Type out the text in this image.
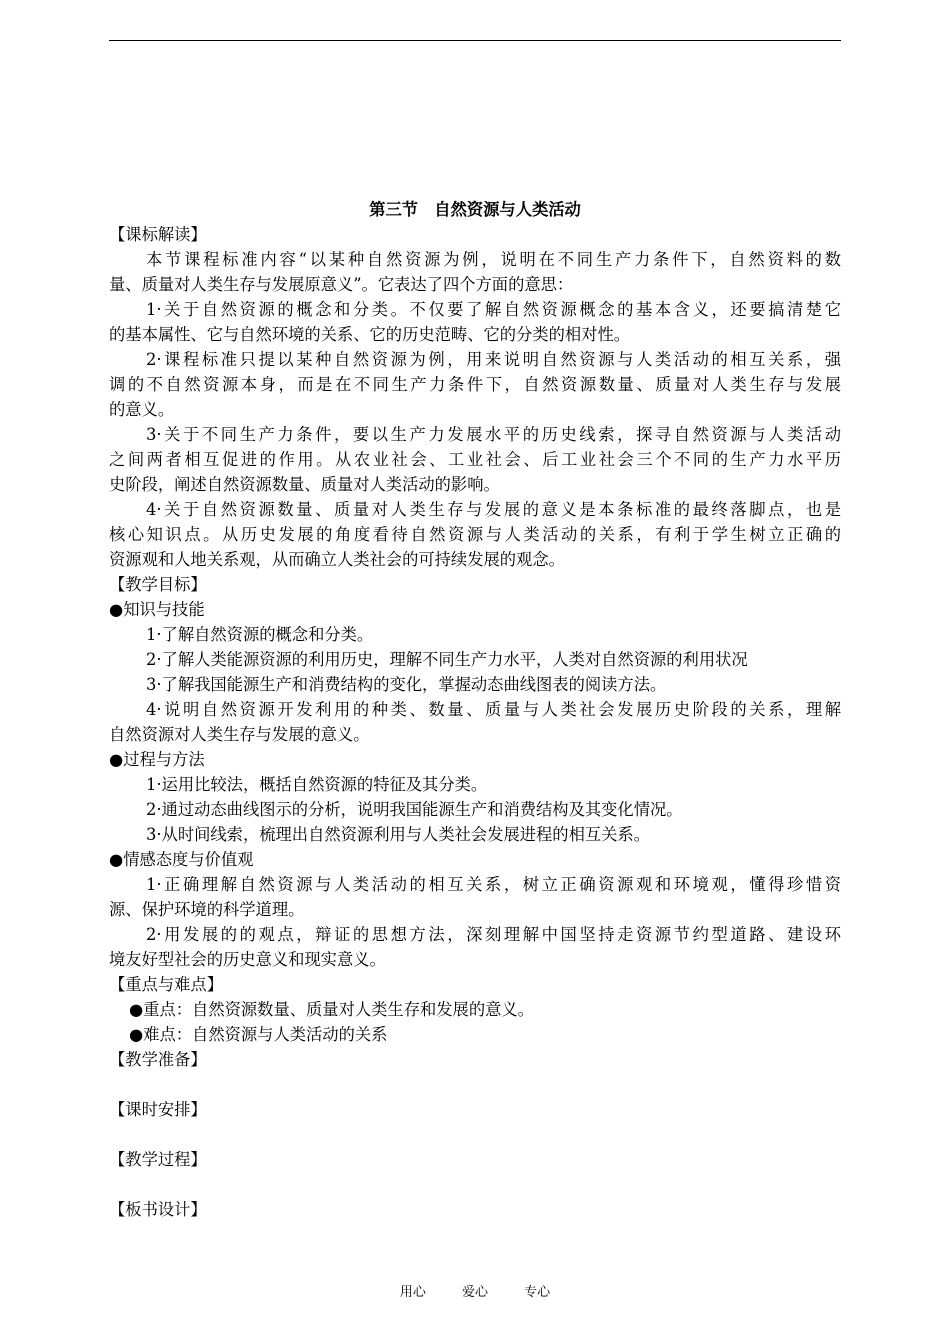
第三节　自然资源与人类活动
【课标解读】
本节课程标准内容“以某种自然资源为例，说明在不同生产力条件下，自然资料的数
量、质量对人类生存与发展原意义”。它表达了四个方面的意思：
1·关于自然资源的概念和分类。不仅要了解自然资源概念的基本含义，还要搞清楚它
的基本属性、它与自然环境的关系、它的历史范畴、它的分类的相对性。
2·课程标准只提以某种自然资源为例，用来说明自然资源与人类活动的相互关系，强
调的不自然资源本身，而是在不同生产力条件下，自然资源数量、质量对人类生存与发展
的意义。
3·关于不同生产力条件，要以生产力发展水平的历史线索，探寻自然资源与人类活动
之间两者相互促进的作用。从农业社会、工业社会、后工业社会三个不同的生产力水平历
史阶段，阐述自然资源数量、质量对人类活动的影响。
4·关于自然资源数量、质量对人类生存与发展的意义是本条标准的最终落脚点，也是
核心知识点。从历史发展的角度看待自然资源与人类活动的关系，有利于学生树立正确的
资源观和人地关系观，从而确立人类社会的可持续发展的观念。
【教学目标】
●知识与技能
1·了解自然资源的概念和分类。
2·了解人类能源资源的利用历史，理解不同生产力水平，人类对自然资源的利用状况
3·了解我国能源生产和消费结构的变化，掌握动态曲线图表的阅读方法。
4·说明自然资源开发利用的种类、数量、质量与人类社会发展历史阶段的关系，理解
自然资源对人类生存与发展的意义。
●过程与方法
1·运用比较法，概括自然资源的特征及其分类。
2·通过动态曲线图示的分析，说明我国能源生产和消费结构及其变化情况。
3·从时间线索，梳理出自然资源利用与人类社会发展进程的相互关系。
●情感态度与价值观
1·正确理解自然资源与人类活动的相互关系，树立正确资源观和环境观，懂得珍惜资
源、保护环境的科学道理。
2·用发展的的观点，辩证的思想方法，深刻理解中国坚持走资源节约型道路、建设环
境友好型社会的历史意义和现实意义。
【重点与难点】
●重点：自然资源数量、质量对人类生存和发展的意义。
●难点：自然资源与人类活动的关系
【教学准备】
【课时安排】
【教学过程】
【板书设计】
用心	爱心	专心
